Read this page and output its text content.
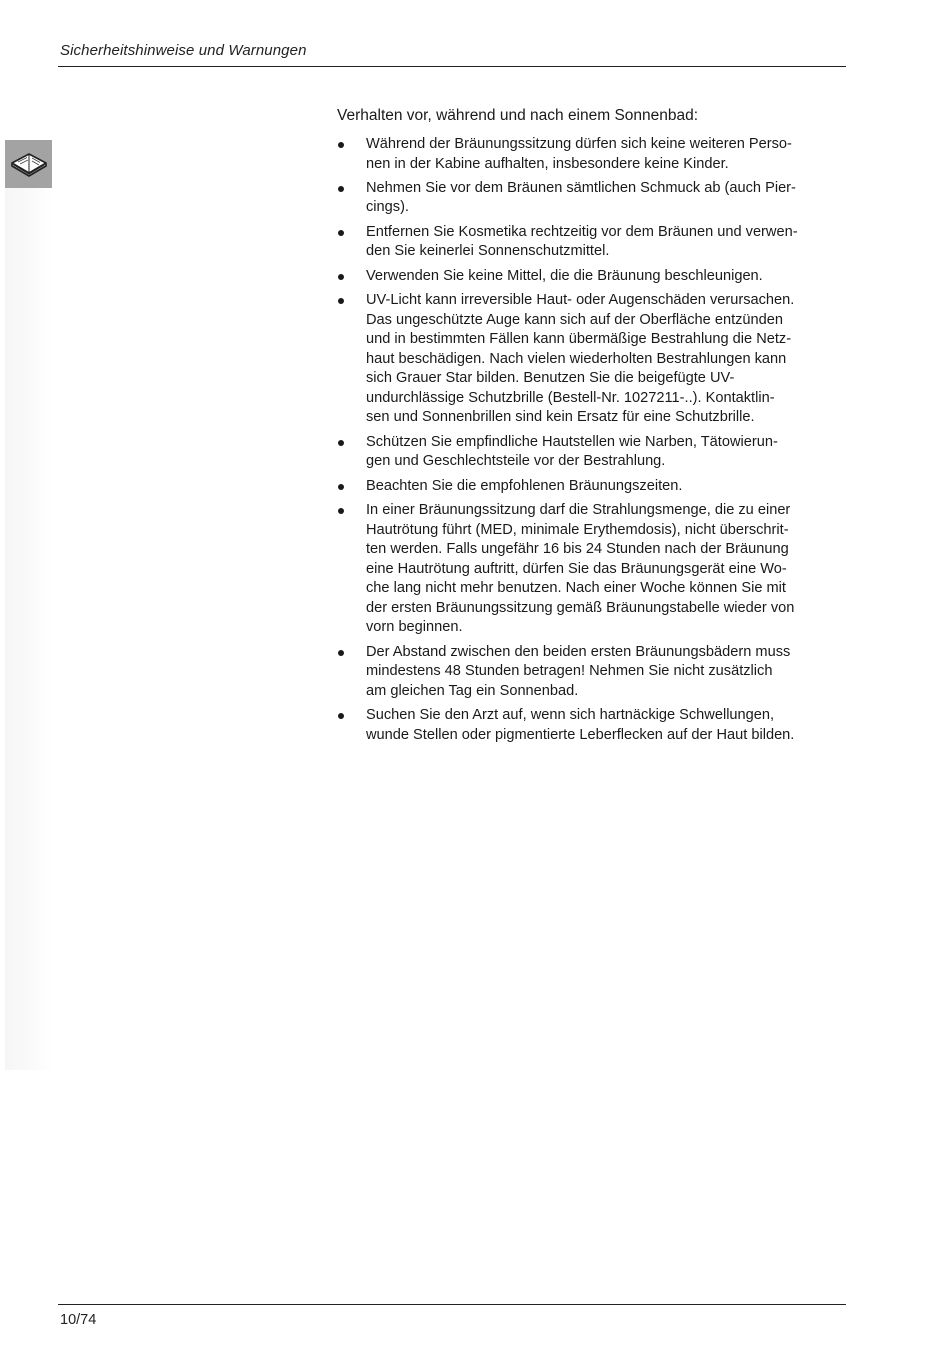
Sicherheitshinweise und Warnungen

Verhalten vor, während und nach einem Sonnenbad:

Während der Bräunungssitzung dürfen sich keine weiteren Perso-
nen in der Kabine aufhalten, insbesondere keine Kinder.
Nehmen Sie vor dem Bräunen sämtlichen Schmuck ab (auch Pier-
cings).
Entfernen Sie Kosmetika rechtzeitig vor dem Bräunen und verwen-
den Sie keinerlei Sonnenschutzmittel.
Verwenden Sie keine Mittel, die die Bräunung beschleunigen.
UV-Licht kann irreversible Haut- oder Augenschäden verursachen.
Das ungeschützte Auge kann sich auf der Oberfläche entzünden
und in bestimmten Fällen kann übermäßige Bestrahlung die Netz-
haut beschädigen. Nach vielen wiederholten Bestrahlungen kann
sich Grauer Star bilden. Benutzen Sie die beigefügte UV-
undurchlässige Schutzbrille (Bestell-Nr. 1027211-..). Kontaktlin-
sen und Sonnenbrillen sind kein Ersatz für eine Schutzbrille.
Schützen Sie empfindliche Hautstellen wie Narben, Tätowierun-
gen und Geschlechtsteile vor der Bestrahlung.
Beachten Sie die empfohlenen Bräunungszeiten.
In einer Bräunungssitzung darf die Strahlungsmenge, die zu einer
Hautrötung führt (MED, minimale Erythemdosis), nicht überschrit-
ten werden. Falls ungefähr 16 bis 24 Stunden nach der Bräunung
eine Hautrötung auftritt, dürfen Sie das Bräunungsgerät eine Wo-
che lang nicht mehr benutzen. Nach einer Woche können Sie mit
der ersten Bräunungssitzung gemäß Bräunungstabelle wieder von
vorn beginnen.
Der Abstand zwischen den beiden ersten Bräunungsbädern muss
mindestens 48 Stunden betragen! Nehmen Sie nicht zusätzlich
am gleichen Tag ein Sonnenbad.
Suchen Sie den Arzt auf, wenn sich hartnäckige Schwellungen,
wunde Stellen oder pigmentierte Leberflecken auf der Haut bilden.
10/74
